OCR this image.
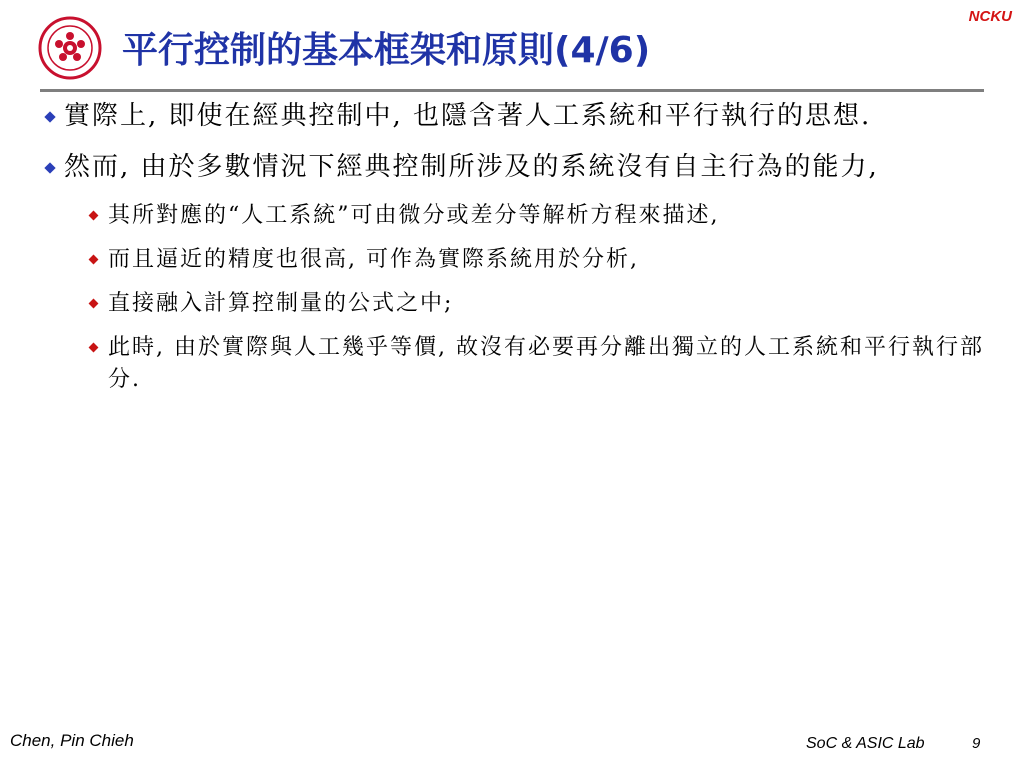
NCKU
平行控制的基本框架和原則(4/6)
實際上, 即使在經典控制中, 也隱含著人工系統和平行執行的思想.
然而, 由於多數情況下經典控制所涉及的系統沒有自主行為的能力,
其所對應的“人工系統”可由微分或差分等解析方程來描述,
而且逼近的精度也很高, 可作為實際系統用於分析,
直接融入計算控制量的公式之中;
此時, 由於實際與人工幾乎等價, 故沒有必要再分離出獨立的人工系統和平行執行部分.
Chen, Pin Chieh	SoC & ASIC Lab	9
